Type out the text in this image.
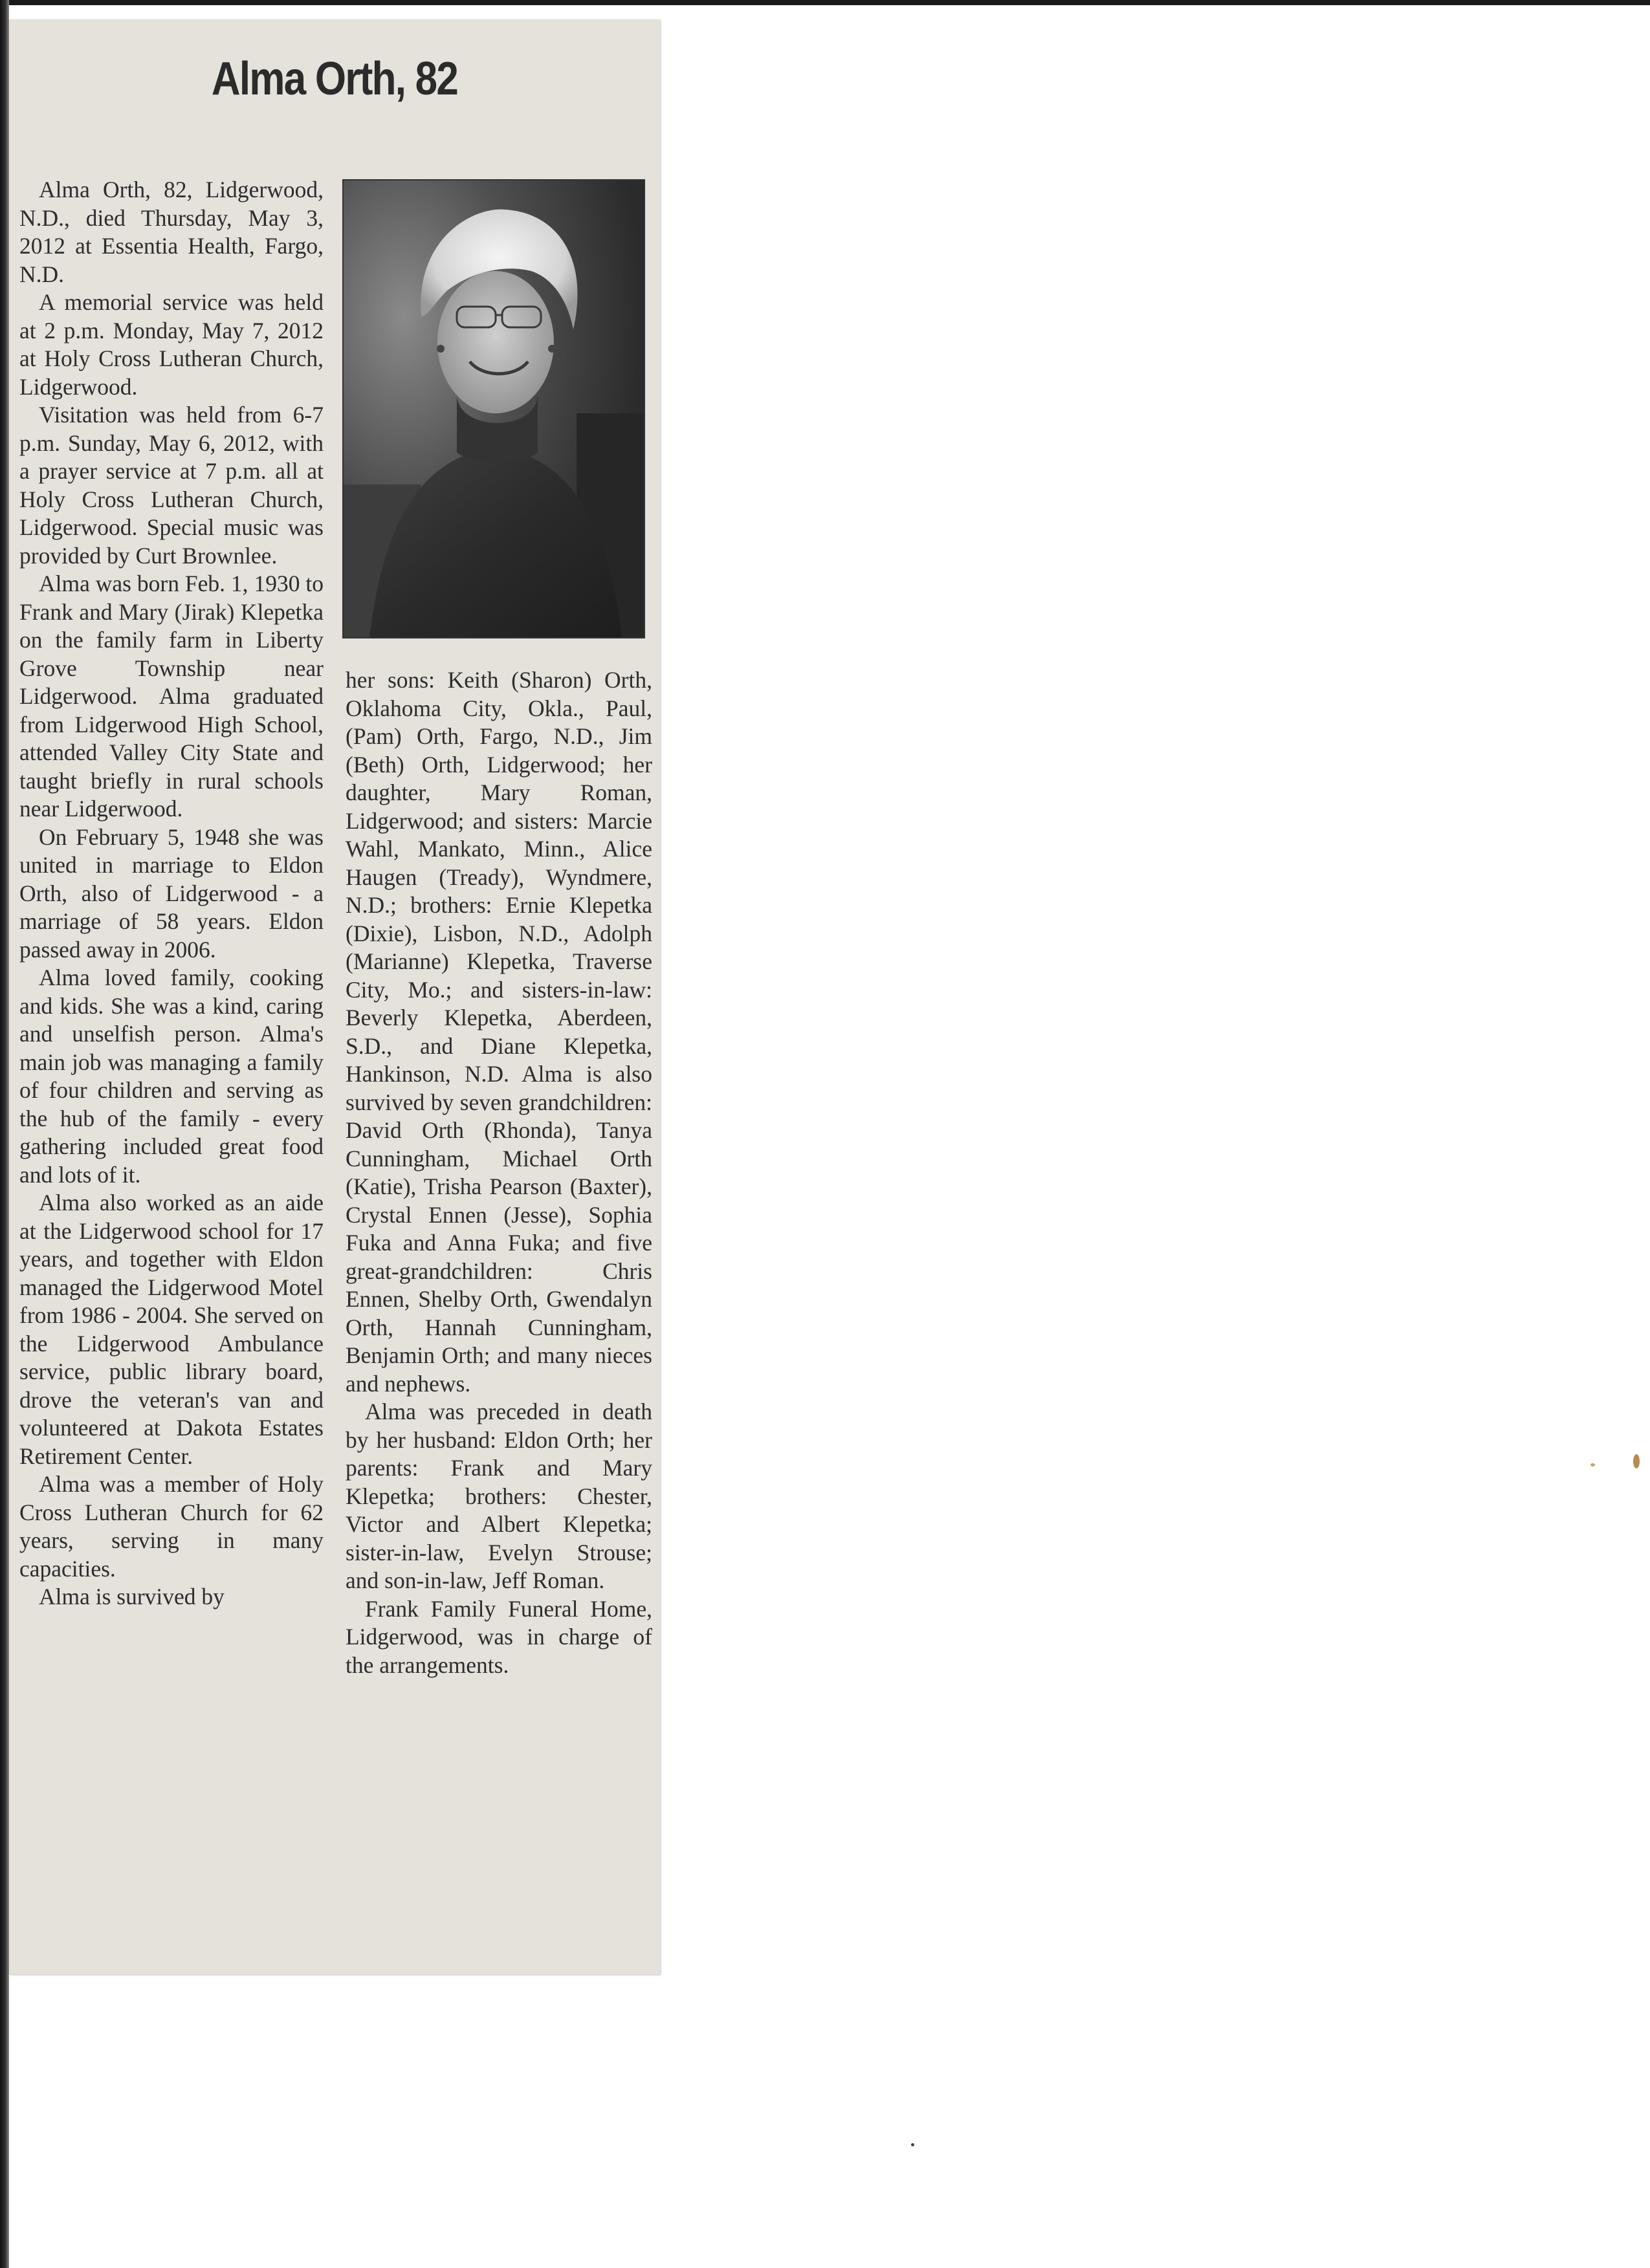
Alma Orth, 82

Alma Orth, 82, Lidgerwood, N.D., died Thursday, May 3, 2012 at Essentia Health, Fargo, N.D.

A memorial service was held at 2 p.m. Monday, May 7, 2012 at Holy Cross Lutheran Church, Lidgerwood.

Visitation was held from 6-7 p.m. Sunday, May 6, 2012, with a prayer service at 7 p.m. all at Holy Cross Lutheran Church, Lidgerwood. Special music was provided by Curt Brownlee.

Alma was born Feb. 1, 1930 to Frank and Mary (Jirak) Klepetka on the family farm in Liberty Grove Township near Lidgerwood. Alma graduated from Lidgerwood High School, attended Valley City State and taught briefly in rural schools near Lidgerwood.

On February 5, 1948 she was united in marriage to Eldon Orth, also of Lidgerwood - a marriage of 58 years. Eldon passed away in 2006.

Alma loved family, cooking and kids. She was a kind, caring and unselfish person. Alma's main job was managing a family of four children and serving as the hub of the family - every gathering included great food and lots of it.

Alma also worked as an aide at the Lidgerwood school for 17 years, and together with Eldon managed the Lidgerwood Motel from 1986 - 2004. She served on the Lidgerwood Ambulance service, public library board, drove the veteran's van and volunteered at Dakota Estates Retirement Center.

Alma was a member of Holy Cross Lutheran Church for 62 years, serving in many capacities.

Alma is survived by

her sons: Keith (Sharon) Orth, Oklahoma City, Okla., Paul, (Pam) Orth, Fargo, N.D., Jim (Beth) Orth, Lidgerwood; her daughter, Mary Roman, Lidgerwood; and sisters: Marcie Wahl, Mankato, Minn., Alice Haugen (Tready), Wyndmere, N.D.; brothers: Ernie Klepetka (Dixie), Lisbon, N.D., Adolph (Marianne) Klepetka, Traverse City, Mo.; and sisters-in-law: Beverly Klepetka, Aberdeen, S.D., and Diane Klepetka, Hankinson, N.D. Alma is also survived by seven grandchildren: David Orth (Rhonda), Tanya Cunningham, Michael Orth (Katie), Trisha Pearson (Baxter), Crystal Ennen (Jesse), Sophia Fuka and Anna Fuka; and five great-grandchildren: Chris Ennen, Shelby Orth, Gwendalyn Orth, Hannah Cunningham, Benjamin Orth; and many nieces and nephews.

Alma was preceded in death by her husband: Eldon Orth; her parents: Frank and Mary Klepetka; brothers: Chester, Victor and Albert Klepetka; sister-in-law, Evelyn Strouse; and son-in-law, Jeff Roman.

Frank Family Funeral Home, Lidgerwood, was in charge of the arrangements.
